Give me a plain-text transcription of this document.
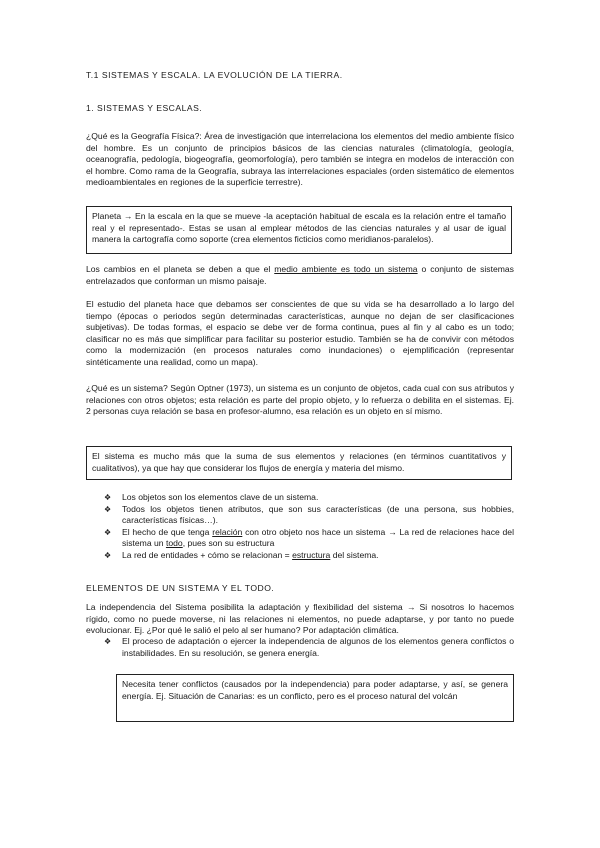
T.1 SISTEMAS Y ESCALA. LA EVOLUCIÓN DE LA TIERRA.

1. SISTEMAS Y ESCALAS.

¿Qué es la Geografía Física?: Área de investigación que interrelaciona los elementos del medio ambiente físico del hombre. Es un conjunto de principios básicos de las ciencias naturales (climatología, geología, oceanografía, pedología, biogeografía, geomorfología), pero también se integra en modelos de interacción con el hombre. Como rama de la Geografía, subraya las interrelaciones espaciales (orden sistemático de elementos medioambientales en regiones de la superficie terrestre).

Planeta → En la escala en la que se mueve -la aceptación habitual de escala es la relación entre el tamaño real y el representado-. Estas se usan al emplear métodos de las ciencias naturales y al usar de igual manera la cartografía como soporte (crea elementos ficticios como meridianos-paralelos).

Los cambios en el planeta se deben a que el medio ambiente es todo un sistema o conjunto de sistemas entrelazados que conforman un mismo paisaje.

El estudio del planeta hace que debamos ser conscientes de que su vida se ha desarrollado a lo largo del tiempo (épocas o periodos según determinadas características, aunque no dejan de ser clasificaciones subjetivas). De todas formas, el espacio se debe ver de forma continua, pues al fin y al cabo es un todo; clasificar no es más que simplificar para facilitar su posterior estudio. También se ha de convivir con métodos como la modernización (en procesos naturales como inundaciones) o ejemplificación (representar sintéticamente una realidad, como un mapa).

¿Qué es un sistema? Según Optner (1973), un sistema es un conjunto de objetos, cada cual con sus atributos y relaciones con otros objetos; esta relación es parte del propio objeto, y lo refuerza o debilita en el sistemas. Ej. 2 personas cuya relación se basa en profesor-alumno, esa relación es un objeto en sí mismo.

El sistema es mucho más que la suma de sus elementos y relaciones (en términos cuantitativos y cualitativos), ya que hay que considerar los flujos de energía y materia del mismo.
❖ Los objetos son los elementos clave de un sistema.
❖ Todos los objetos tienen atributos, que son sus características (de una persona, sus hobbies, características físicas…).
❖ El hecho de que tenga relación con otro objeto nos hace un sistema → La red de relaciones hace del sistema un todo, pues son su estructura
❖ La red de entidades + cómo se relacionan = estructura del sistema.

ELEMENTOS DE UN SISTEMA Y EL TODO.

La independencia del Sistema posibilita la adaptación y flexibilidad del sistema → Si nosotros lo hacemos rígido, como no puede moverse, ni las relaciones ni elementos, no puede adaptarse, y por tanto no puede evolucionar. Ej. ¿Por qué le salió el pelo al ser humano? Por adaptación climática.

❖ El proceso de adaptación o ejercer la independencia de algunos de los elementos genera conflictos o instabilidades. En su resolución, se genera energía.
Necesita tener conflictos (causados por la independencia) para poder adaptarse, y así, se genera energía. Ej. Situación de Canarias: es un conflicto, pero es el proceso natural del volcán
